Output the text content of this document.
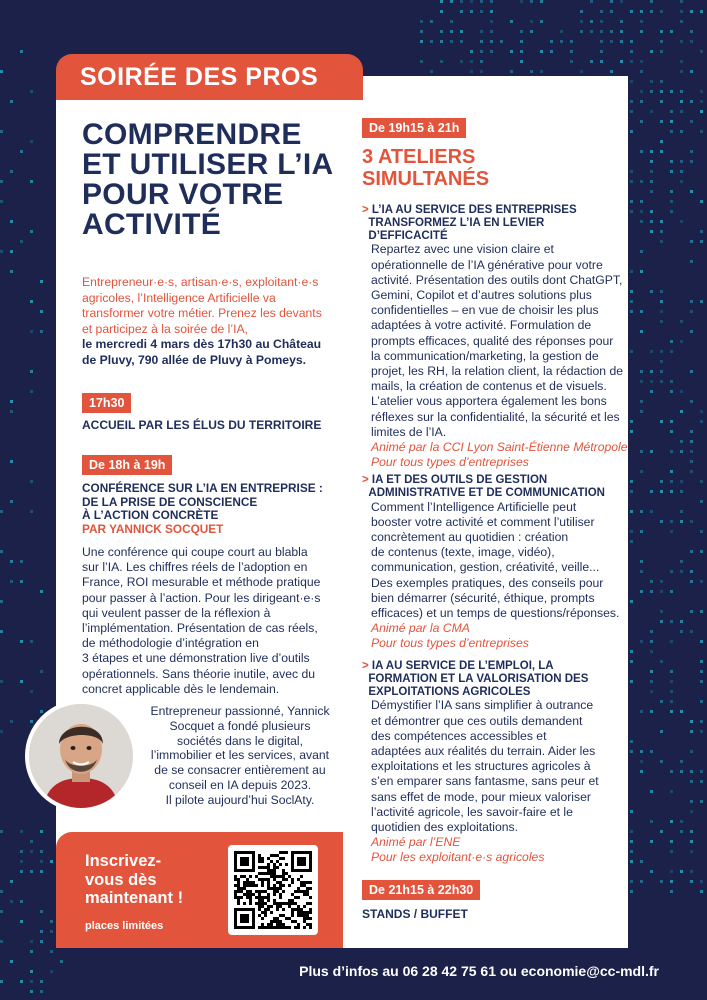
SOIRÉE DES PROS
COMPRENDRE
ET UTILISER L’IA
POUR VOTRE
ACTIVITÉ

Entrepreneur·e·s, artisan·e·s, exploitant·e·s
agricoles, l’Intelligence Artificielle va
transformer votre métier. Prenez les devants
et participez à la soirée de l’IA,
le mercredi 4 mars dès 17h30 au Château
de Pluvy, 790 allée de Pluvy à Pomeys.

17h30

ACCUEIL PAR LES ÉLUS DU TERRITOIRE

De 18h à 19h

CONFÉRENCE SUR L’IA EN ENTREPRISE :
DE LA PRISE DE CONSCIENCE
À L’ACTION CONCRÈTE
PAR YANNICK SOCQUET

Une conférence qui coupe court au blabla
sur l’IA. Les chiffres réels de l’adoption en
France, ROI mesurable et méthode pratique
pour passer à l’action. Pour les dirigeant·e·s
qui veulent passer de la réflexion à
l’implémentation. Présentation de cas réels,
de méthodologie d’intégration en
3 étapes et une démonstration live d’outils
opérationnels. Sans théorie inutile, avec du
concret applicable dès le lendemain.

Entrepreneur passionné, Yannick
Socquet a fondé plusieurs
sociétés dans le digital,
l’immobilier et les services, avant
de se consacrer entièrement au
conseil en IA depuis 2023.
Il pilote aujourd’hui SoclAty.

De 19h15 à 21h
3 ATELIERS
SIMULTANÉS

> L’IA AU SERVICE DES ENTREPRISES
TRANSFORMEZ L’IA EN LEVIER
D’EFFICACITÉ

Repartez avec une vision claire et
opérationnelle de l’IA générative pour votre
activité. Présentation des outils dont ChatGPT,
Gemini, Copilot et d’autres solutions plus
confidentielles – en vue de choisir les plus
adaptées à votre activité. Formulation de
prompts efficaces, qualité des réponses pour
la communication/marketing, la gestion de
projet, les RH, la relation client, la rédaction de
mails, la création de contenus et de visuels.
L’atelier vous apportera également les bons
réflexes sur la confidentialité, la sécurité et les
limites de l’IA.

Animé par la CCI Lyon Saint-Étienne Métropole

Pour tous types d’entreprises

> IA ET DES OUTILS DE GESTION
ADMINISTRATIVE ET DE COMMUNICATION

Comment l’Intelligence Artificielle peut
booster votre activité et comment l’utiliser
concrètement au quotidien : création
de contenus (texte, image, vidéo),
communication, gestion, créativité, veille...
Des exemples pratiques, des conseils pour
bien démarrer (sécurité, éthique, prompts
efficaces) et un temps de questions/réponses.

Animé par la CMA

Pour tous types d’entreprises

> IA AU SERVICE DE L’EMPLOI, LA
FORMATION ET LA VALORISATION DES
EXPLOITATIONS AGRICOLES

Démystifier l’IA sans simplifier à outrance
et démontrer que ces outils demandent
des compétences accessibles et
adaptées aux réalités du terrain. Aider les
exploitations et les structures agricoles à
s’en emparer sans fantasme, sans peur et
sans effet de mode, pour mieux valoriser
l’activité agricole, les savoir-faire et le
quotidien des exploitations.

Animé par l’ENE

Pour les exploitant·e·s agricoles

De 21h15 à 22h30

STANDS / BUFFET

Inscrivez-
vous dès
maintenant !

places limitées

Plus d’infos au 06 28 42 75 61 ou economie@cc-mdl.fr
